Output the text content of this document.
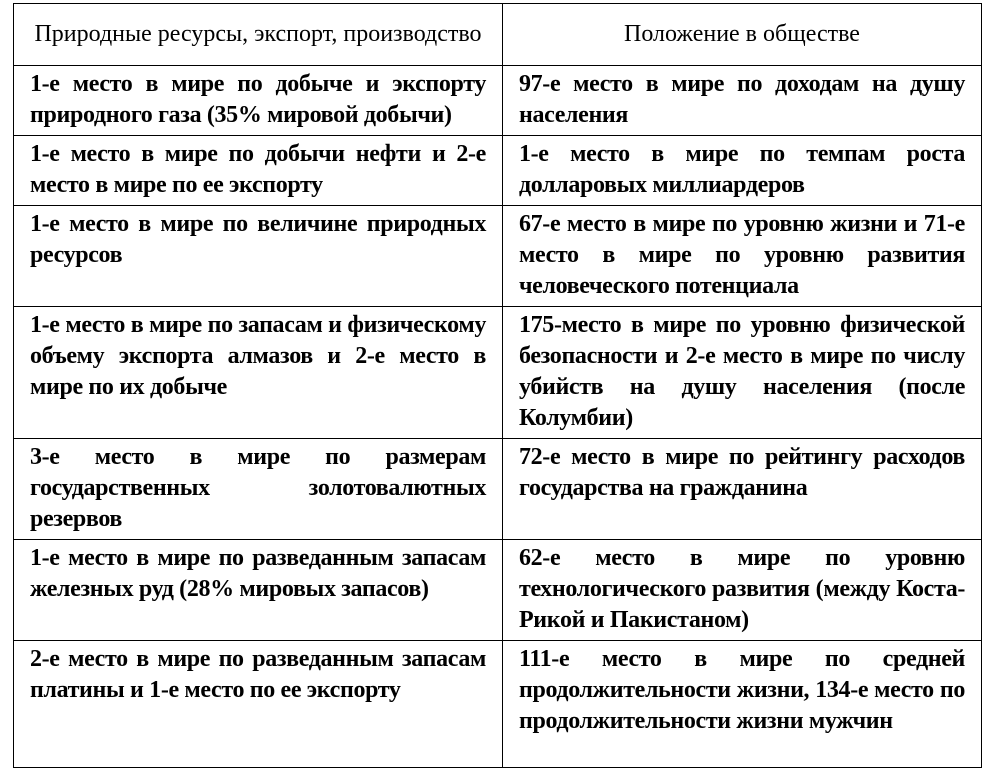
Природные ресурсы, экспорт, производство	Положение в обществе

1-е место в мире по добыче и экспорту природного газа (35% мировой добычи)	97-е место в мире по доходам на душу населения

1-е место в мире по добычи нефти и 2-е место в мире по ее экспорту	1-е место в мире по темпам роста долларовых миллиардеров

1-е место в мире по величине природных ресурсов	67-е место в мире по уровню жизни и 71-е место в мире по уровню развития человеческого потенциала

1-е место в мире по запасам и физическому объему экспорта алмазов и 2-е место в мире по их добыче	175-место в мире по уровню физической безопасности и 2-е место в мире по числу убийств на душу населения (после Колумбии)

3-е место в мире по размерам государственных золотовалютных резервов	72-е место в мире по рейтингу расходов государства на гражданина

1-е место в мире по разведанным запасам железных руд (28% мировых запасов)	62-е место в мире по уровню технологического развития (между Коста-Рикой и Пакистаном)

2-е место в мире по разведанным запасам платины и 1-е место по ее экспорту	111-е место в мире по средней продолжительности жизни, 134-е место по продолжительности жизни мужчин
